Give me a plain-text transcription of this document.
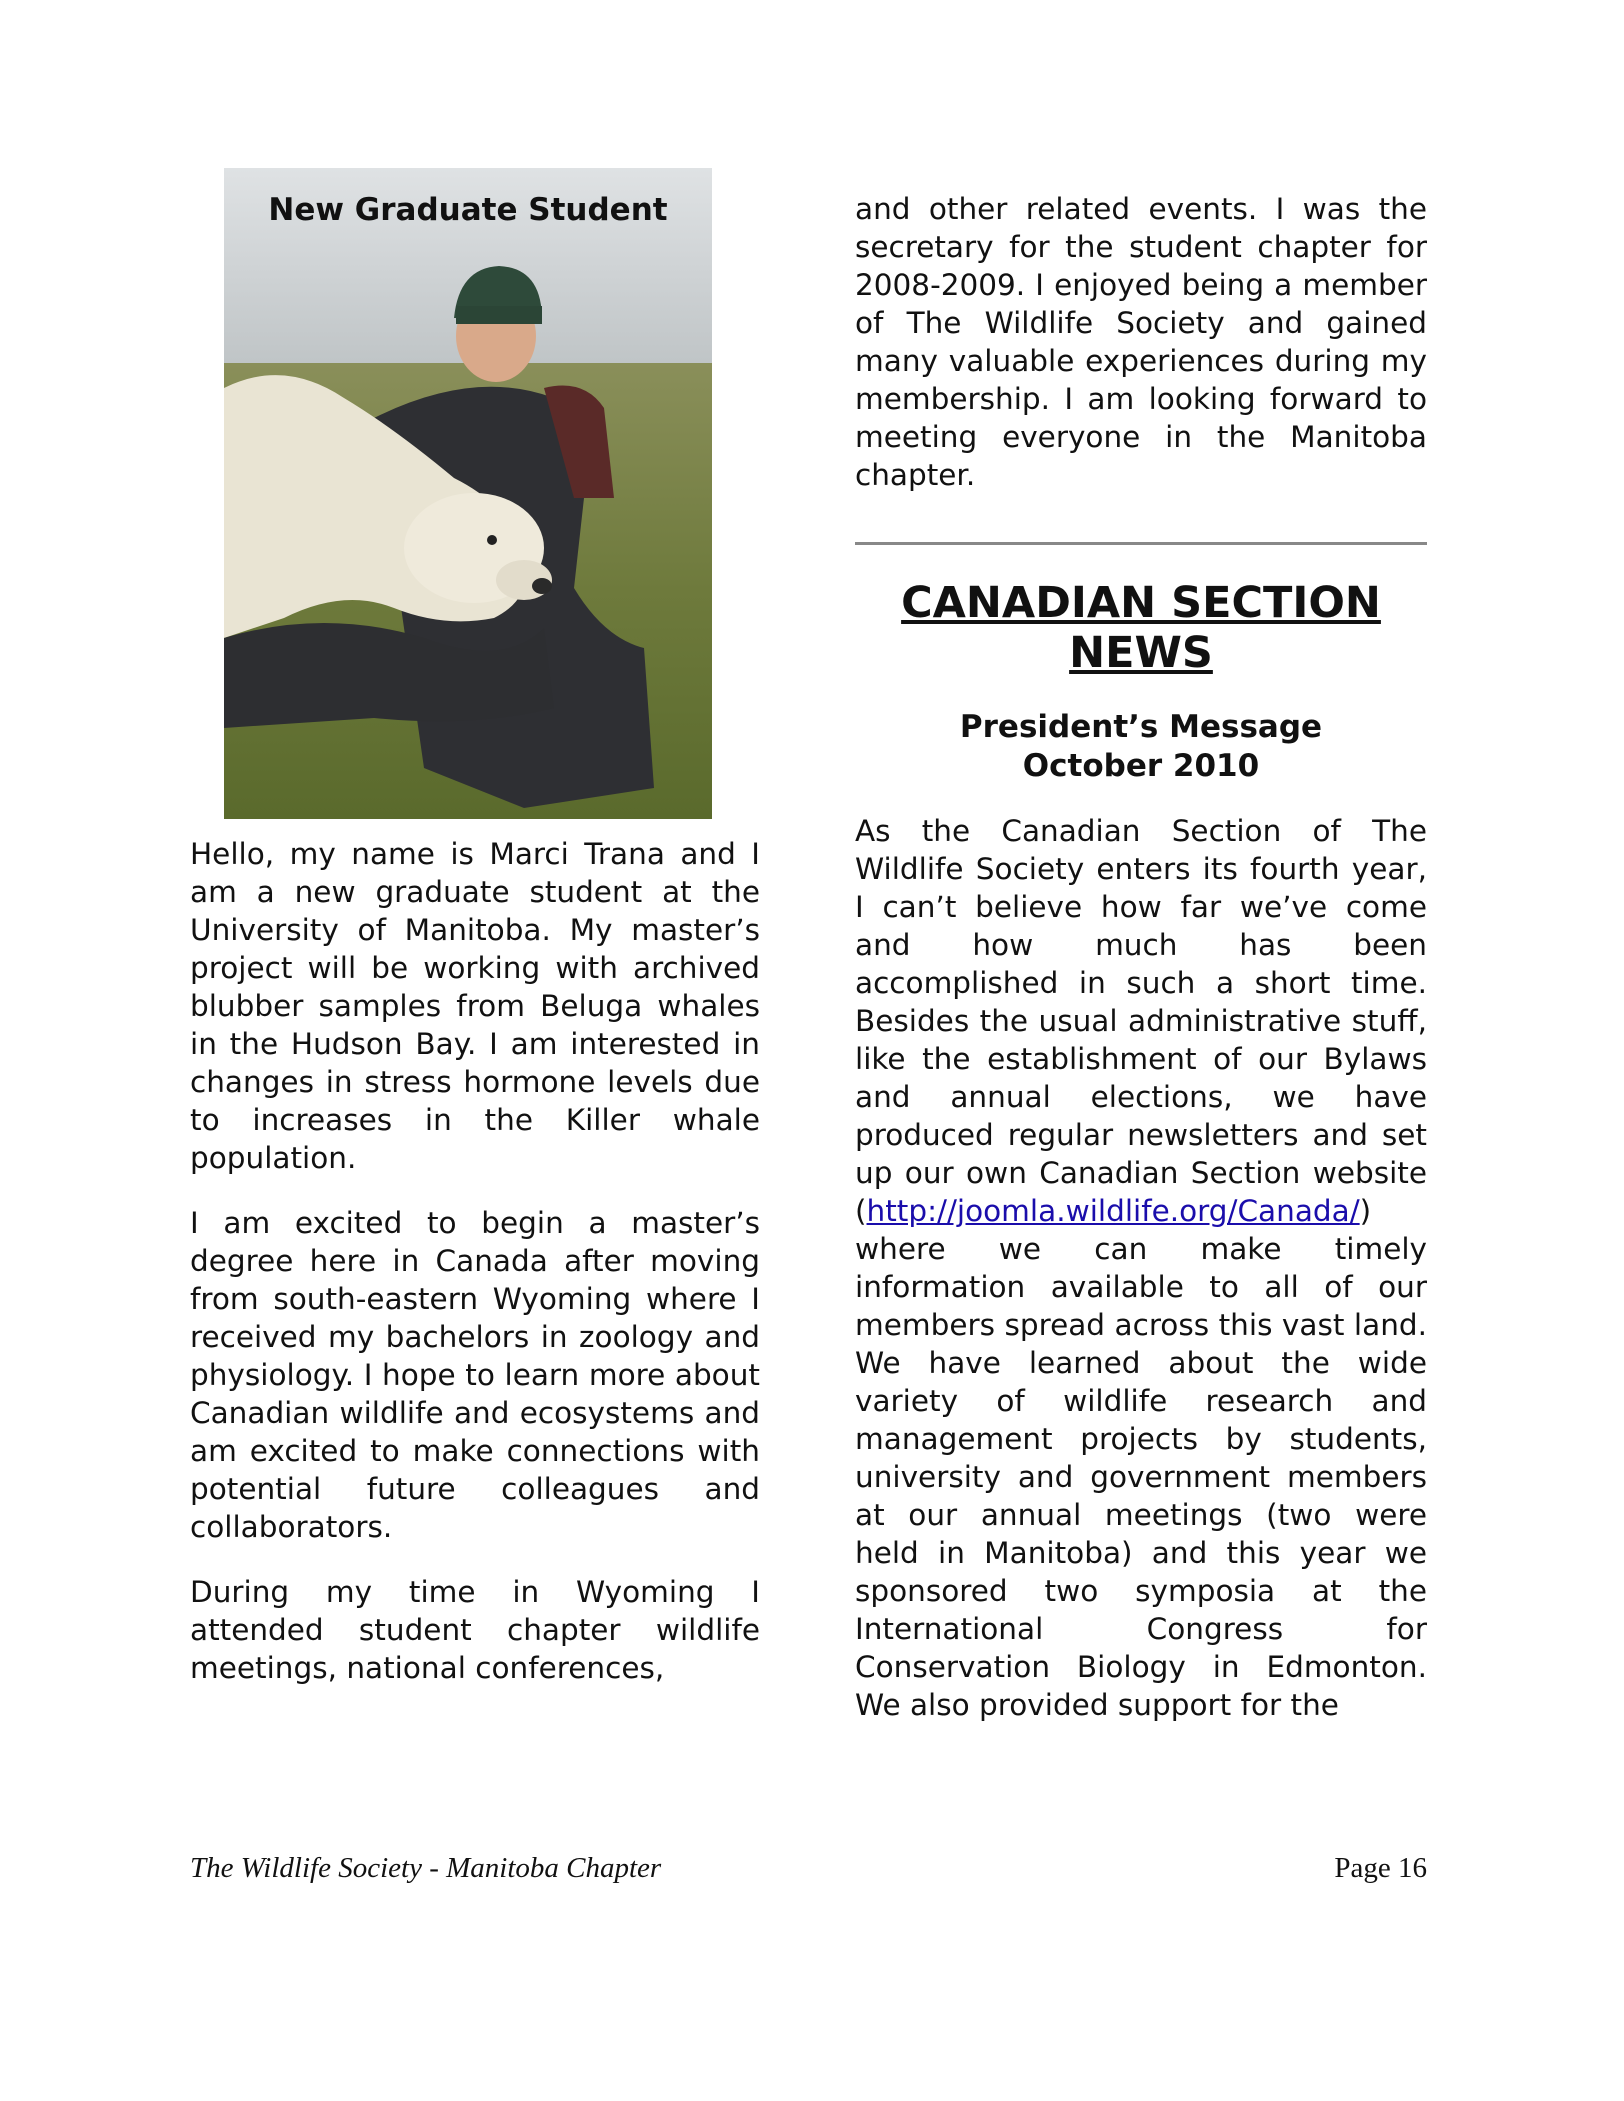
New Graduate Student

Hello, my name is Marci Trana and I am a new graduate student at the University of Manitoba. My master’s project will be working with archived blubber samples from Beluga whales in the Hudson Bay. I am interested in changes in stress hormone levels due to increases in the Killer whale population.

I am excited to begin a master’s degree here in Canada after moving from south-eastern Wyoming where I received my bachelors in zoology and physiology. I hope to learn more about Canadian wildlife and ecosystems and am excited to make connections with potential future colleagues and collaborators.

During my time in Wyoming I attended student chapter wildlife meetings, national conferences,

and other related events. I was the secretary for the student chapter for 2008-2009. I enjoyed being a member of The Wildlife Society and gained many valuable experiences during my membership. I am looking forward to meeting everyone in the Manitoba chapter.

CANADIAN SECTION NEWS
President’s Message
October 2010

As the Canadian Section of The Wildlife Society enters its fourth year, I can’t believe how far we’ve come and how much has been accomplished in such a short time. Besides the usual administrative stuff, like the establishment of our Bylaws and annual elections, we have produced regular newsletters and set up our own Canadian Section website (http://joomla.wildlife.org/Canada/) where we can make timely information available to all of our members spread across this vast land. We have learned about the wide variety of wildlife research and management projects by students, university and government members at our annual meetings (two were held in Manitoba) and this year we sponsored two symposia at the International Congress for Conservation Biology in Edmonton. We also provided support for the

The Wildlife Society - Manitoba Chapter	Page 16
